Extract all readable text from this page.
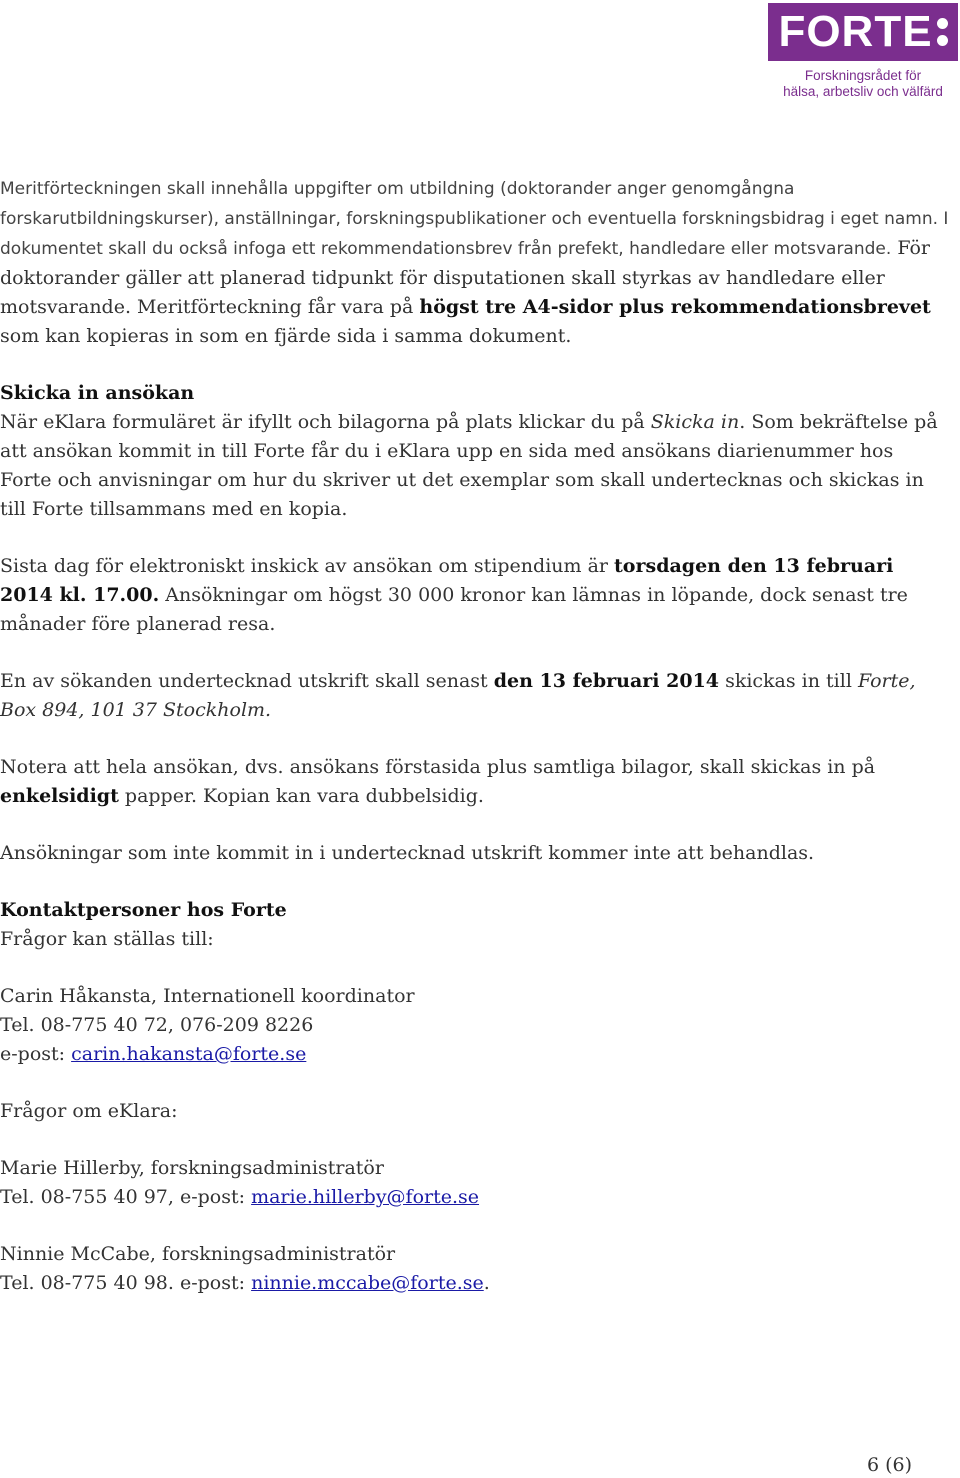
FORTE
Forskningsrådet för
hälsa, arbetsliv och välfärd

Meritförteckningen skall innehålla uppgifter om utbildning (doktorander anger genomgångna forskarutbildningskurser), anställningar, forskningspublikationer och eventuella forskningsbidrag i eget namn. I dokumentet skall du också infoga ett rekommendationsbrev från prefekt, handledare eller motsvarande. För doktorander gäller att planerad tidpunkt för disputationen skall styrkas av handledare eller motsvarande. Meritförteckning får vara på högst tre A4-sidor plus rekommendationsbrevet som kan kopieras in som en fjärde sida i samma dokument.

Skicka in ansökan
När eKlara formuläret är ifyllt och bilagorna på plats klickar du på Skicka in. Som bekräftelse på att ansökan kommit in till Forte får du i eKlara upp en sida med ansökans diarienummer hos Forte och anvisningar om hur du skriver ut det exemplar som skall undertecknas och skickas in till Forte tillsammans med en kopia.

Sista dag för elektroniskt inskick av ansökan om stipendium är torsdagen den 13 februari 2014 kl. 17.00. Ansökningar om högst 30 000 kronor kan lämnas in löpande, dock senast tre månader före planerad resa.

En av sökanden undertecknad utskrift skall senast den 13 februari 2014 skickas in till Forte, Box 894, 101 37 Stockholm.

Notera att hela ansökan, dvs. ansökans förstasida plus samtliga bilagor, skall skickas in på enkelsidigt papper. Kopian kan vara dubbelsidig.

Ansökningar som inte kommit in i undertecknad utskrift kommer inte att behandlas.

Kontaktpersoner hos Forte
Frågor kan ställas till:

Carin Håkansta, Internationell koordinator
Tel. 08-775 40 72, 076-209 8226
e-post: carin.hakansta@forte.se

Frågor om eKlara:

Marie Hillerby, forskningsadministratör
Tel. 08-755 40 97, e-post: marie.hillerby@forte.se

Ninnie McCabe, forskningsadministratör
Tel. 08-775 40 98. e-post: ninnie.mccabe@forte.se.

6 (6)
